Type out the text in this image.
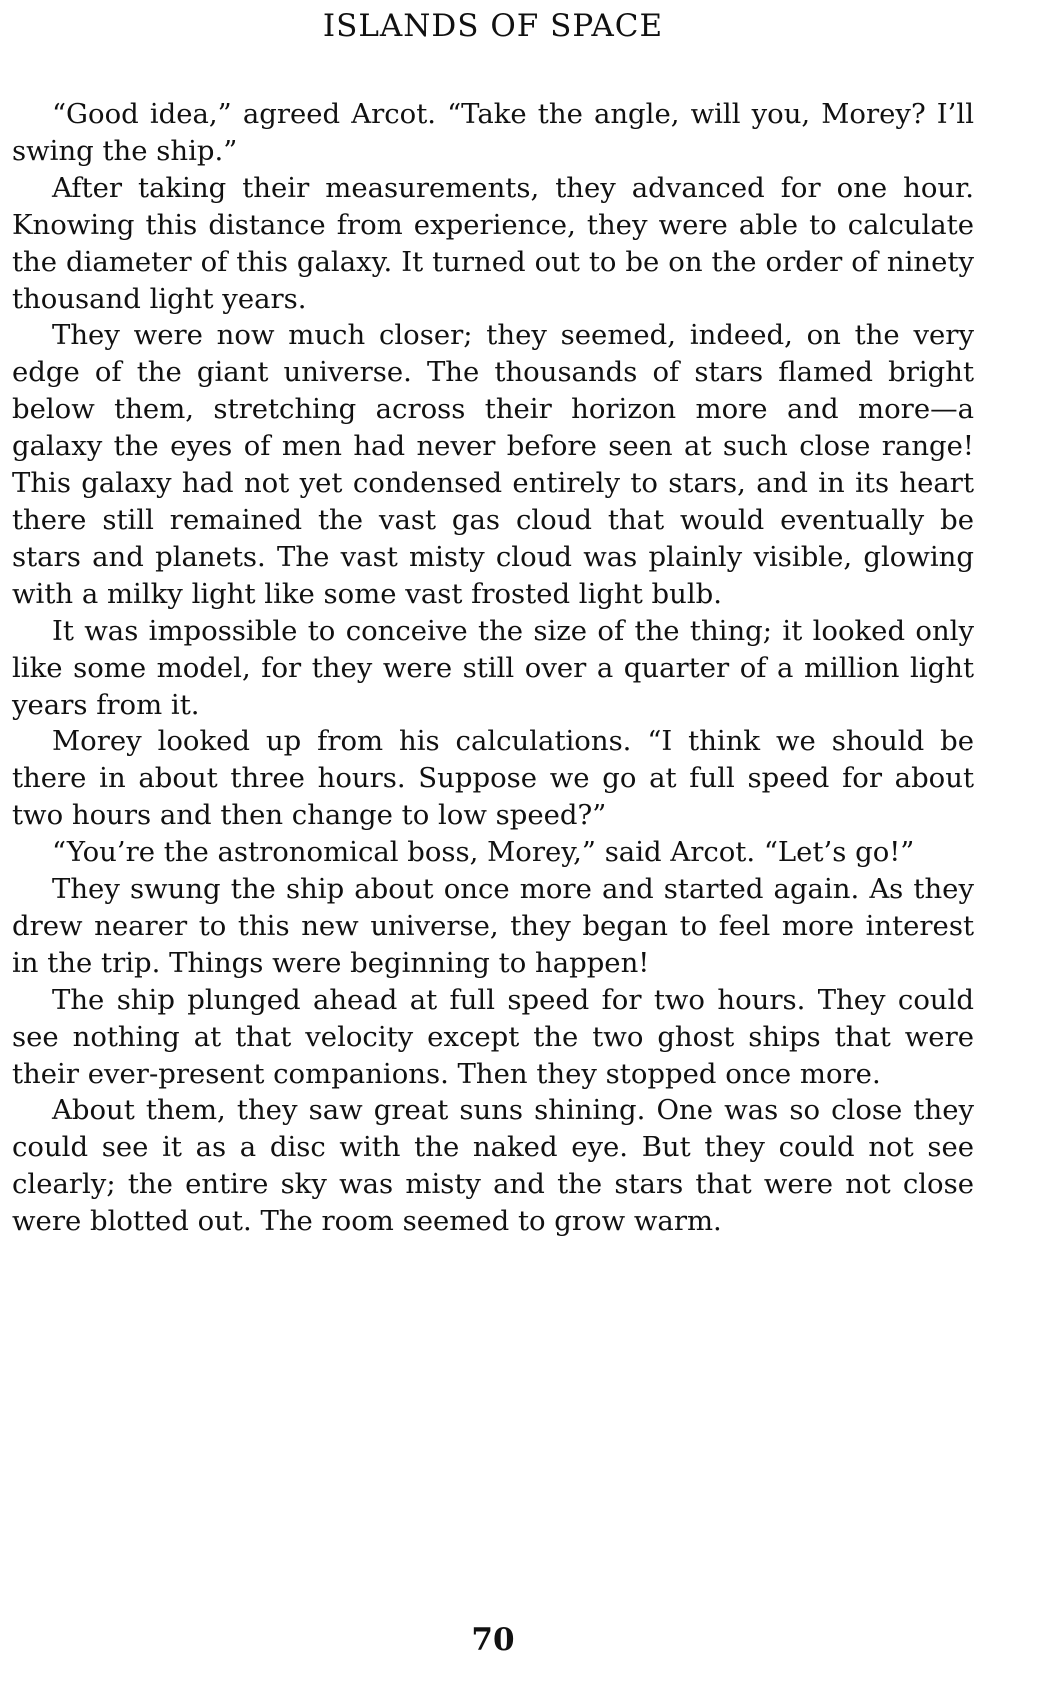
ISLANDS OF SPACE

“Good idea,” agreed Arcot. “Take the angle, will you, Morey? I’ll swing the ship.”

After taking their measurements, they advanced for one hour. Knowing this distance from experience, they were able to calculate the diameter of this galaxy. It turned out to be on the order of ninety thousand light years.

They were now much closer; they seemed, indeed, on the very edge of the giant universe. The thousands of stars flamed bright below them, stretching across their horizon more and more—a galaxy the eyes of men had never before seen at such close range! This galaxy had not yet condensed entirely to stars, and in its heart there still remained the vast gas cloud that would eventually be stars and planets. The vast misty cloud was plainly visible, glowing with a milky light like some vast frosted light bulb.

It was impossible to conceive the size of the thing; it looked only like some model, for they were still over a quarter of a million light years from it.

Morey looked up from his calculations. “I think we should be there in about three hours. Suppose we go at full speed for about two hours and then change to low speed?”

“You’re the astronomical boss, Morey,” said Arcot. “Let’s go!”

They swung the ship about once more and started again. As they drew nearer to this new universe, they began to feel more interest in the trip. Things were beginning to happen!

The ship plunged ahead at full speed for two hours. They could see nothing at that velocity except the two ghost ships that were their ever-present companions. Then they stopped once more.

About them, they saw great suns shining. One was so close they could see it as a disc with the naked eye. But they could not see clearly; the entire sky was misty and the stars that were not close were blotted out. The room seemed to grow warm.

70
